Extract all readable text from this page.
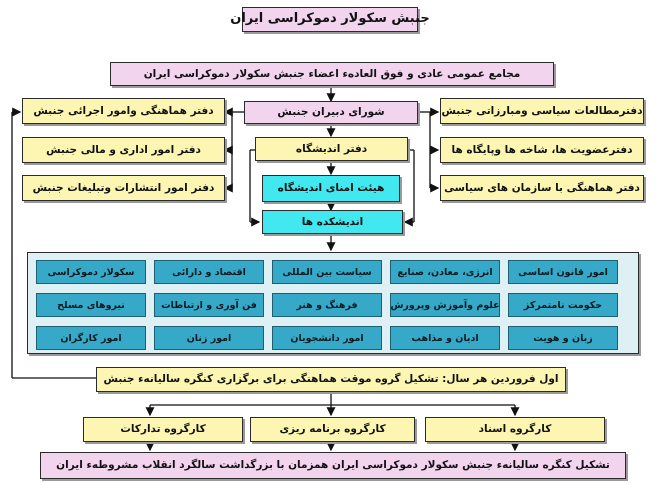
جنبش سکولار دموکراسی ایران
مجامع عمومی عادی و فوق العادهء اعضاء جنبش سکولار دموکراسی ایران
شورای دبیران جنبش	دفترمطالعات سیاسی ومبارزاتی جنبش
دفترعضویت ها، شاخه ها وپایگاه ها
دفتر هماهنگی با سازمان های سیاسی
دفتر هماهنگی وامور اجرائی جنبش
دفتر امور اداری و مالی جنبش
دفتر امور انتشارات وتبلیغات جنبش
دفتر اندیشگاه
هیئت امنای اندیشگاه
اندیشکده ها
امور قانون اساسی
انرژی، معادن، صنایع
سیاست بین المللی
اقتصاد و دارائی
سکولار دموکراسی
حکومت نامتمرکز
علوم وآموزش وپرورش
فرهنگ و هنر
فن آوری و ارتباطات
نیروهای مسلح
زبان و هویت
ادیان و مذاهب
امور دانشجویان
امور زنان
امور کارگران
اول فروردین هر سال: تشکیل گروه موقت هماهنگی برای برگزاری کنگره سالیانهء جنبش
کارگروه اسناد
کارگروه برنامه ریزی
کارگروه تدارکات
تشکیل کنگره سالیانهء جنبش سکولار دموکراسی ایران همزمان با بزرگداشت سالگرد انقلاب مشروطهء ایران
